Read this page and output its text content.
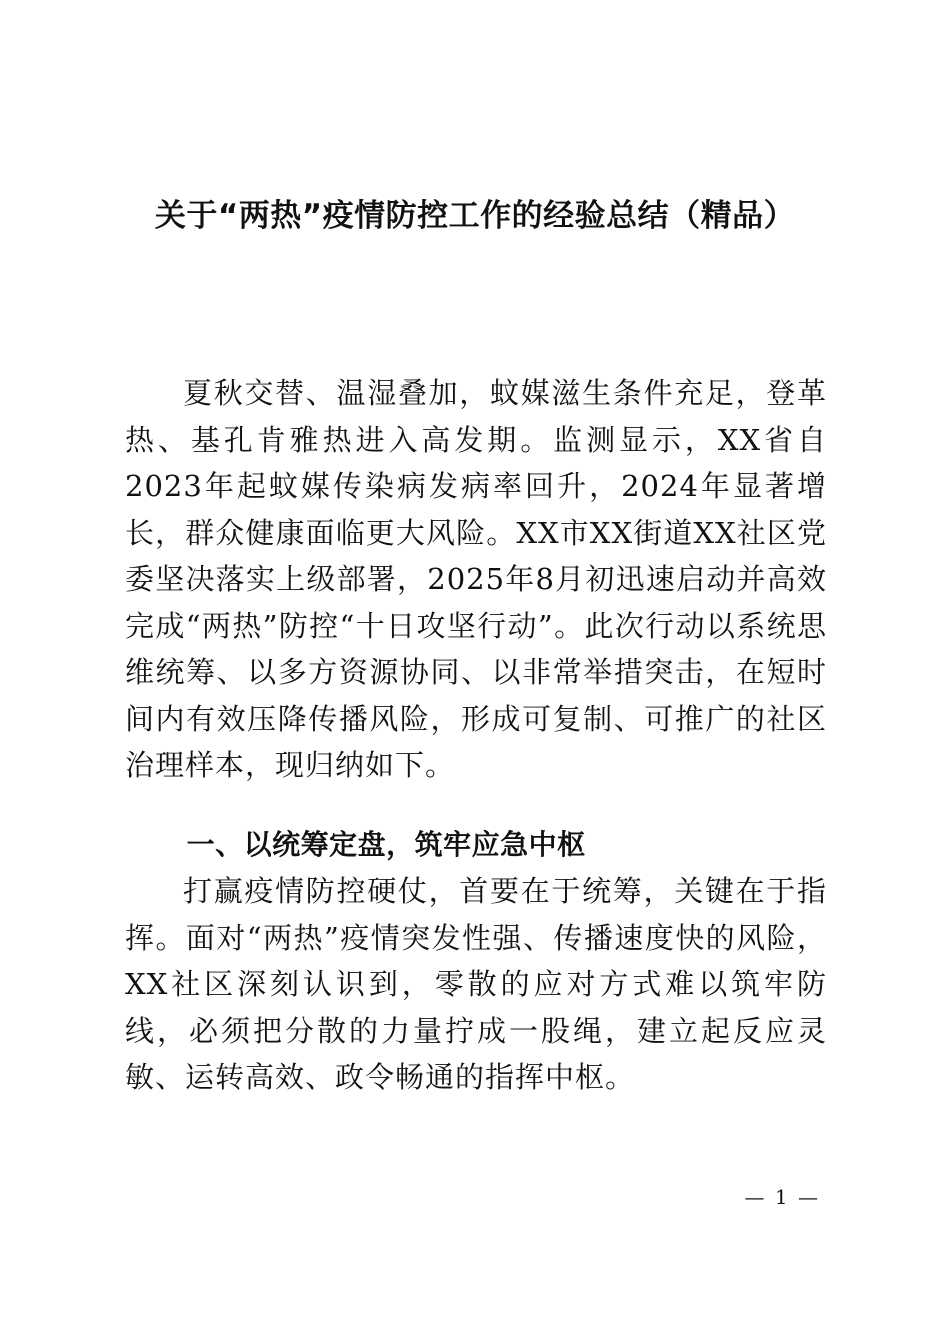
关于“两热”疫情防控工作的经验总结（精品）

夏秋交替、温湿叠加，蚊媒滋生条件充足，登革热、基孔肯雅热进入高发期。监测显示，XX省自2023年起蚊媒传染病发病率回升，2024年显著增长，群众健康面临更大风险。XX市XX街道XX社区党委坚决落实上级部署，2025年8月初迅速启动并高效完成“两热”防控“十日攻坚行动”。此次行动以系统思维统筹、以多方资源协同、以非常举措突击，在短时间内有效压降传播风险，形成可复制、可推广的社区治理样本，现归纳如下。

一、以统筹定盘，筑牢应急中枢

打赢疫情防控硬仗，首要在于统筹，关键在于指挥。面对“两热”疫情突发性强、传播速度快的风险，XX社区深刻认识到，零散的应对方式难以筑牢防线，必须把分散的力量拧成一股绳，建立起反应灵敏、运转高效、政令畅通的指挥中枢。

— 1 —
